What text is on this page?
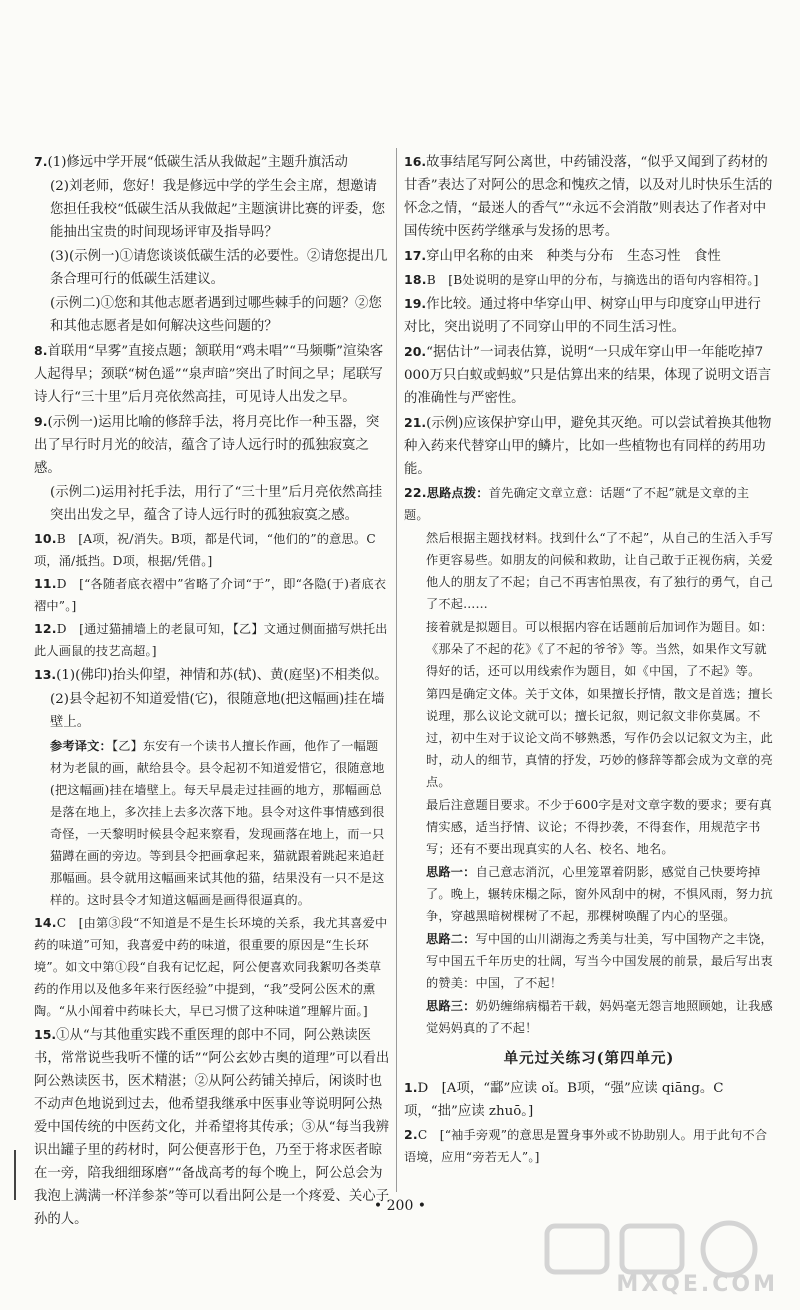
7.(1)修远中学开展“低碳生活从我做起”主题升旗活动
(2)刘老师，您好！我是修远中学的学生会主席，想邀请您担任我校“低碳生活从我做起”主题演讲比赛的评委，您能抽出宝贵的时间现场评审及指导吗？
(3)(示例一)①请您谈谈低碳生活的必要性。②请您提出几条合理可行的低碳生活建议。
(示例二)①您和其他志愿者遇到过哪些棘手的问题？②您和其他志愿者是如何解决这些问题的？
8.首联用“早雾”直接点题；颔联用“鸡未唱”“马频嘶”渲染客人起得早；颈联“树色遥”“泉声暗”突出了时间之早；尾联写诗人行“三十里”后月亮依然高挂，可见诗人出发之早。
9.(示例一)运用比喻的修辞手法，将月亮比作一种玉器，突出了早行时月光的皎洁，蕴含了诗人远行时的孤独寂寞之感。
(示例二)运用衬托手法，用行了“三十里”后月亮依然高挂突出出发之早，蕴含了诗人远行时的孤独寂寞之感。
10.B　[A项，祝/消失。B项，都是代词，“他们的”的意思。C项，涌/抵挡。D项，根据/凭借。]
11.D　[“各随者底衣褶中”省略了介词“于”，即“各隐(于)者底衣褶中”。]
12.D　[通过猫捕墙上的老鼠可知，【乙】文通过侧面描写烘托出此人画鼠的技艺高超。]
13.(1)(佛印)抬头仰望，神情和苏(轼)、黄(庭坚)不相类似。
(2)县令起初不知道爱惜(它)，很随意地(把这幅画)挂在墙壁上。
参考译文：【乙】东安有一个读书人擅长作画，他作了一幅题材为老鼠的画，献给县令。县令起初不知道爱惜它，很随意地(把这幅画)挂在墙壁上。每天早晨走过挂画的地方，那幅画总是落在地上，多次挂上去多次落下地。县令对这件事情感到很奇怪，一天黎明时候县令起来察看，发现画落在地上，而一只猫蹲在画的旁边。等到县令把画拿起来，猫就跟着跳起来追赶那幅画。县令就用这幅画来试其他的猫，结果没有一只不是这样的。这时县令才知道这幅画是画得很逼真的。
14.C　[由第③段“不知道是不是生长环境的关系，我尤其喜爱中药的味道”可知，我喜爱中药的味道，很重要的原因是“生长环境”。如文中第①段“自我有记忆起，阿公便喜欢同我絮叨各类草药的作用以及他多年来行医经验”中提到，“我”受阿公医术的熏陶。“从小闻着中药味长大，早已习惯了这种味道”理解片面。]
15.①从“与其他重实践不重医理的郎中不同，阿公熟读医书，常常说些我听不懂的话”“阿公玄妙古奥的道理”可以看出阿公熟读医书，医术精湛；②从阿公药铺关掉后，闲谈时也不动声色地说到过去，他希望我继承中医事业等说明阿公热爱中国传统的中医药文化，并希望将其传承；③从“每当我辨识出罐子里的药材时，阿公便喜形于色，乃至于将求医者晾在一旁，陪我细细琢磨”“备战高考的每个晚上，阿公总会为我泡上满满一杯洋参茶”等可以看出阿公是一个疼爱、关心子孙的人。
16.故事结尾写阿公离世，中药铺没落，“似乎又闻到了药材的甘香”表达了对阿公的思念和愧疚之情，以及对儿时快乐生活的怀念之情，“最迷人的香气”“永远不会消散”则表达了作者对中国传统中医药学继承与发扬的思考。
17.穿山甲名称的由来　种类与分布　生态习性　食性
18.B　[B处说明的是穿山甲的分布，与摘选出的语句内容相符。]
19.作比较。通过将中华穿山甲、树穿山甲与印度穿山甲进行对比，突出说明了不同穿山甲的不同生活习性。
20.“据估计”一词表估算，说明“一只成年穿山甲一年能吃掉7 000万只白蚁或蚂蚁”只是估算出来的结果，体现了说明文语言的准确性与严密性。
21.(示例)应该保护穿山甲，避免其灭绝。可以尝试着换其他物种入药来代替穿山甲的鳞片，比如一些植物也有同样的药用功能。
22.思路点拨：首先确定文章立意：话题“了不起”就是文章的主题。
然后根据主题找材料。找到什么“了不起”，从自己的生活入手写作更容易些。如朋友的问候和救助，让自己敢于正视伤病，关爱他人的朋友了不起；自己不再害怕黑夜，有了独行的勇气，自己了不起……
接着就是拟题目。可以根据内容在话题前后加词作为题目。如：《那朵了不起的花》《了不起的爷爷》等。当然，如果作文写就得好的话，还可以用线索作为题目，如《中国，了不起》等。
第四是确定文体。关于文体，如果擅长抒情，散文是首选；擅长说理，那么议论文就可以；擅长记叙，则记叙文非你莫属。不过，初中生对于议论文尚不够熟悉，写作仍会以记叙文为主，此时，动人的细节，真情的抒发，巧妙的修辞等都会成为文章的亮点。
最后注意题目要求。不少于600字是对文章字数的要求；要有真情实感，适当抒情、议论；不得抄袭，不得套作，用规范字书写；还有不要出现真实的人名、校名、地名。
思路一：自己意志消沉，心里笼罩着阴影，感觉自己快要垮掉了。晚上，辗转床榻之际，窗外风刮中的树，不惧风雨，努力抗争，穿越黑暗树棵树了不起，那棵树唤醒了内心的坚强。
思路二：写中国的山川湖海之秀美与壮美，写中国物产之丰饶，写中国五千年历史的壮阔，写当今中国发展的前景，最后写出衷的赞美：中国，了不起！
思路三：奶奶缠绵病榻若干载，妈妈毫无怨言地照顾她，让我感觉妈妈真的了不起！
单元过关练习(第四单元)
1.D　[A项，“酃”应读 oǐ。B项，“强”应读 qiāng。C项，“拙”应读 zhuō。]
2.C　[“袖手旁观”的意思是置身事外或不协助别人。用于此句不合语境，应用“旁若无人”。]
• 200 •
MXQE.COM
